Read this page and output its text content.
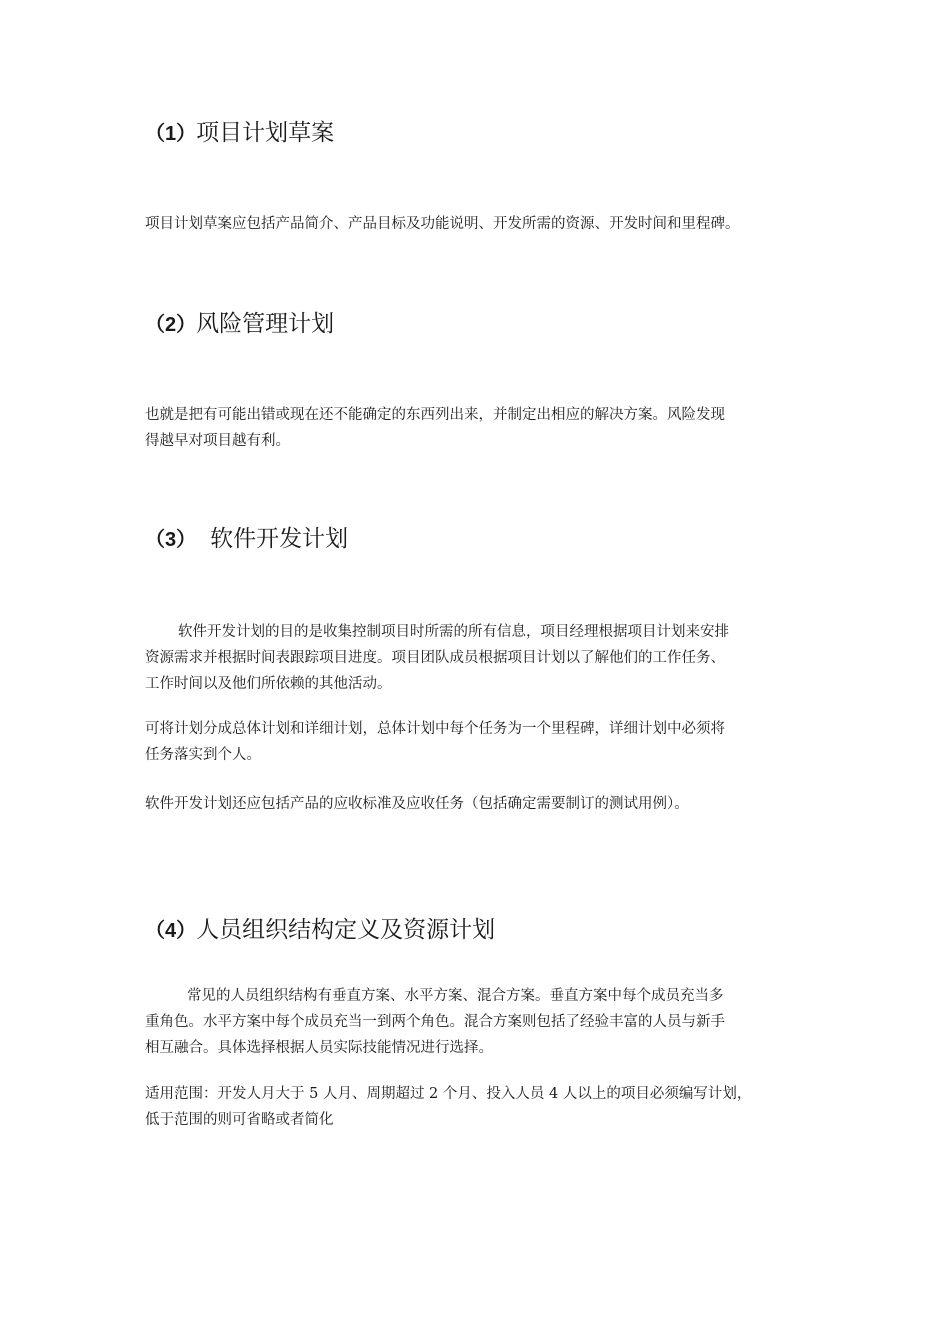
（1）项目计划草案

项目计划草案应包括产品简介、产品目标及功能说明、开发所需的资源、开发时间和里程碑。

（2）风险管理计划

也就是把有可能出错或现在还不能确定的东西列出来，并制定出相应的解决方案。风险发现
得越早对项目越有利。

（3） 软件开发计划

软件开发计划的目的是收集控制项目时所需的所有信息，项目经理根据项目计划来安排
资源需求并根据时间表跟踪项目进度。项目团队成员根据项目计划以了解他们的工作任务、
工作时间以及他们所依赖的其他活动。

可将计划分成总体计划和详细计划，总体计划中每个任务为一个里程碑，详细计划中必须将
任务落实到个人。

软件开发计划还应包括产品的应收标准及应收任务（包括确定需要制订的测试用例）。

（4）人员组织结构定义及资源计划

常见的人员组织结构有垂直方案、水平方案、混合方案。垂直方案中每个成员充当多
重角色。水平方案中每个成员充当一到两个角色。混合方案则包括了经验丰富的人员与新手
相互融合。具体选择根据人员实际技能情况进行选择。

适用范围：开发人月大于 5 人月、周期超过 2 个月、投入人员 4 人以上的项目必须编写计划，
低于范围的则可省略或者简化
